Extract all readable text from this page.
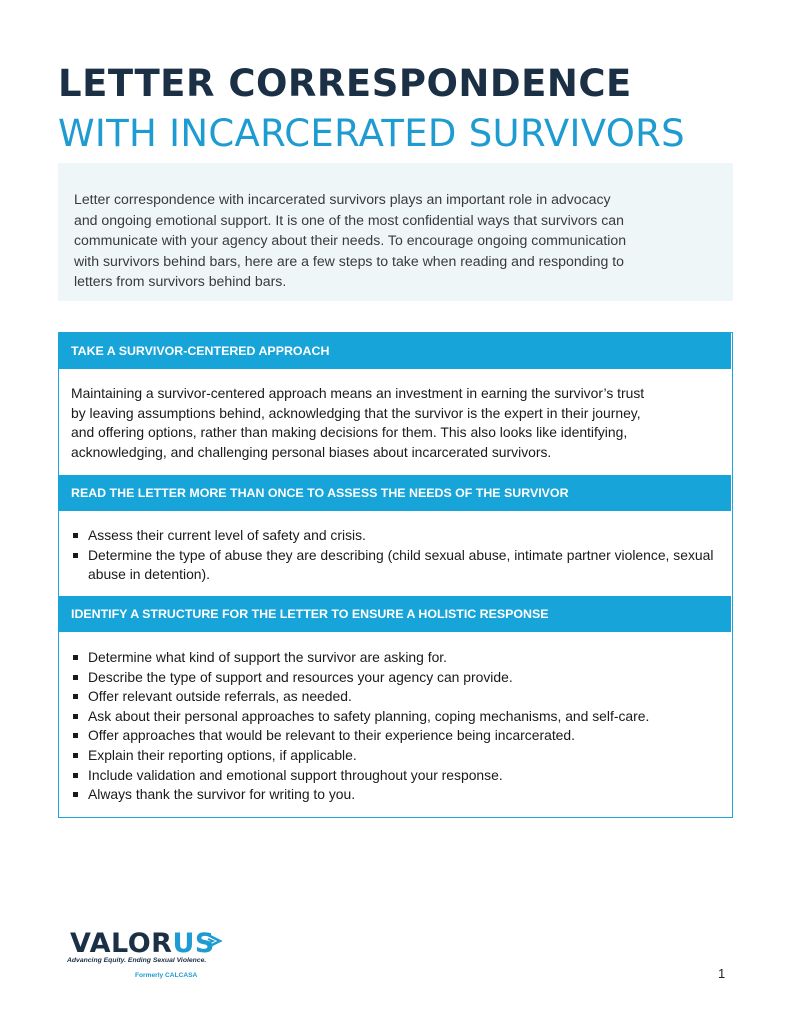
LETTER CORRESPONDENCE
WITH INCARCERATED SURVIVORS

Letter correspondence with incarcerated survivors plays an important role in advocacy
and ongoing emotional support. It is one of the most confidential ways that survivors can
communicate with your agency about their needs. To encourage ongoing communication
with survivors behind bars, here are a few steps to take when reading and responding to
letters from survivors behind bars.

TAKE A SURVIVOR-CENTERED APPROACH

Maintaining a survivor-centered approach means an investment in earning the survivor’s trust
by leaving assumptions behind, acknowledging that the survivor is the expert in their journey,
and offering options, rather than making decisions for them. This also looks like identifying,
acknowledging, and challenging personal biases about incarcerated survivors.

READ THE LETTER MORE THAN ONCE TO ASSESS THE NEEDS OF THE SURVIVOR
Assess their current level of safety and crisis.
Determine the type of abuse they are describing (child sexual abuse, intimate partner violence, sexual abuse in detention).
IDENTIFY A STRUCTURE FOR THE LETTER TO ENSURE A HOLISTIC RESPONSE
Determine what kind of support the survivor are asking for.
Describe the type of support and resources your agency can provide.
Offer relevant outside referrals, as needed.
Ask about their personal approaches to safety planning, coping mechanisms, and self-care.
Offer approaches that would be relevant to their experience being incarcerated.
Explain their reporting options, if applicable.
Include validation and emotional support throughout your response.
Always thank the survivor for writing to you.
VALORUS
Advancing Equity. Ending Sexual Violence.
Formerly CALCASA	1
